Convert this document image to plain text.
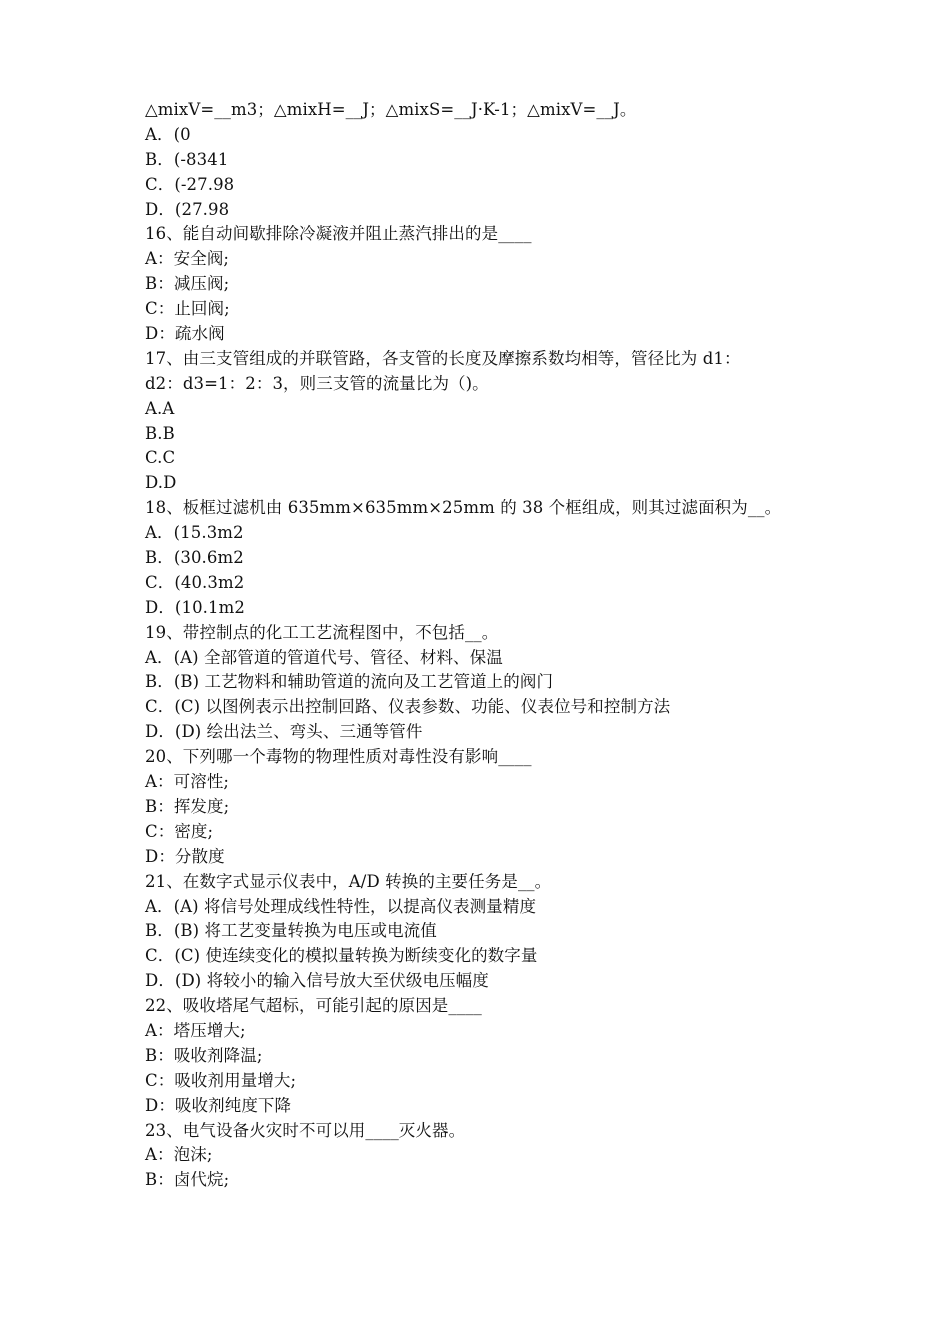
△mixV=__m3；△mixH=__J；△mixS=__J·K-1；△mixV=__J。
A．(0
B．(-8341
C．(-27.98
D．(27.98
16、能自动间歇排除冷凝液并阻止蒸汽排出的是____
A：安全阀;
B：减压阀;
C：止回阀;
D：疏水阀
17、由三支管组成的并联管路，各支管的长度及摩擦系数均相等，管径比为 d1：
d2：d3=1：2：3，则三支管的流量比为（)。
A.A
B.B
C.C
D.D
18、板框过滤机由 635mm×635mm×25mm 的 38 个框组成，则其过滤面积为__。
A．(15.3m2
B．(30.6m2
C．(40.3m2
D．(10.1m2
19、带控制点的化工工艺流程图中，不包括__。
A．(A) 全部管道的管道代号、管径、材料、保温
B．(B) 工艺物料和辅助管道的流向及工艺管道上的阀门
C．(C) 以图例表示出控制回路、仪表参数、功能、仪表位号和控制方法
D．(D) 绘出法兰、弯头、三通等管件
20、下列哪一个毒物的物理性质对毒性没有影响____
A：可溶性;
B：挥发度;
C：密度;
D：分散度
21、在数字式显示仪表中，A/D 转换的主要任务是__。
A．(A) 将信号处理成线性特性，以提高仪表测量精度
B．(B) 将工艺变量转换为电压或电流值
C．(C) 使连续变化的模拟量转换为断续变化的数字量
D．(D) 将较小的输入信号放大至伏级电压幅度
22、吸收塔尾气超标，可能引起的原因是____
A：塔压增大;
B：吸收剂降温;
C：吸收剂用量增大;
D：吸收剂纯度下降
23、电气设备火灾时不可以用____灭火器。
A：泡沫;
B：卤代烷;
